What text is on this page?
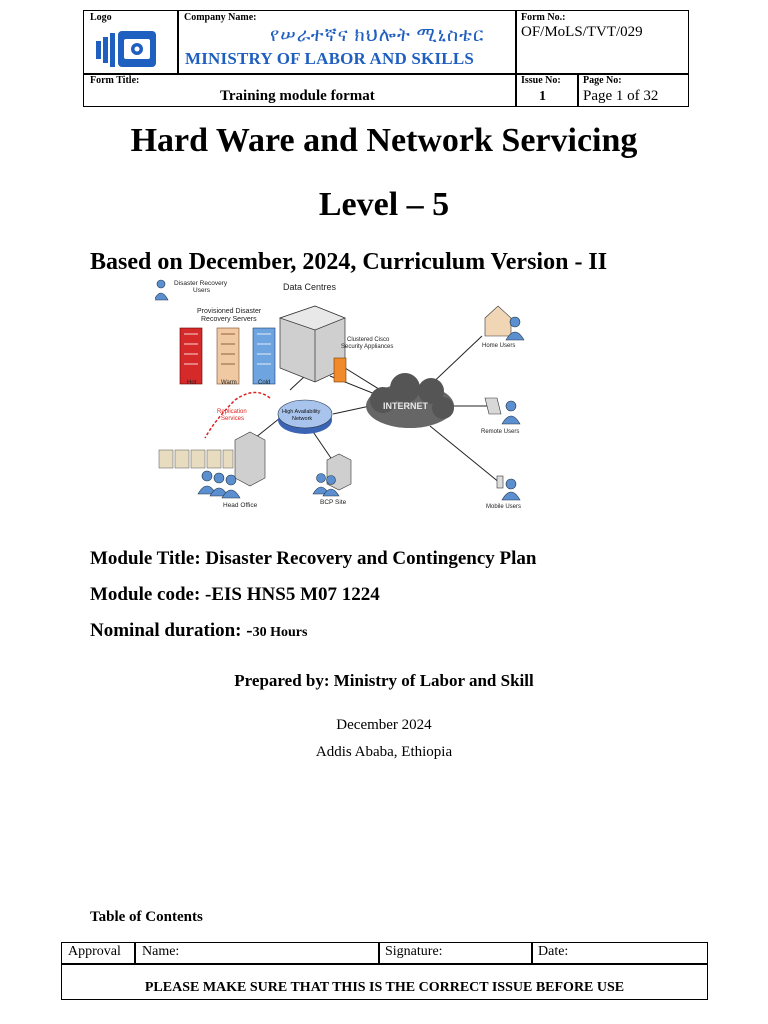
Logo	Company Name:
የሠራተኛና ክህሎት ሚኒስቴር
MINISTRY OF LABOR AND SKILLS
Form No.:
OF/MoLS/TVT/029
Form Title:
Training module format
Issue No:
1
Page No:
Page 1 of 32
Hard Ware and Network Servicing
Level – 5
Based on December, 2024, Curriculum Version - II
Disaster Recovery Users	Data Centres
Provisioned Disaster Recovery Servers
Hot	Warm	Cold
Clustered Cisco Security Appliances
INTERNET
Home Users
Remote Users
Mobile Users
Replication Services
High Availability Network
Head Office	BCP Site
Module Title: Disaster Recovery and Contingency Plan
Module code: -EIS HNS5 M07 1224
Nominal duration: -30 Hours
Prepared by: Ministry of Labor and Skill
December 2024
Addis Ababa, Ethiopia
Table of Contents
Approval Name:	Signature:	Date:
PLEASE MAKE SURE THAT THIS IS THE CORRECT ISSUE BEFORE USE
